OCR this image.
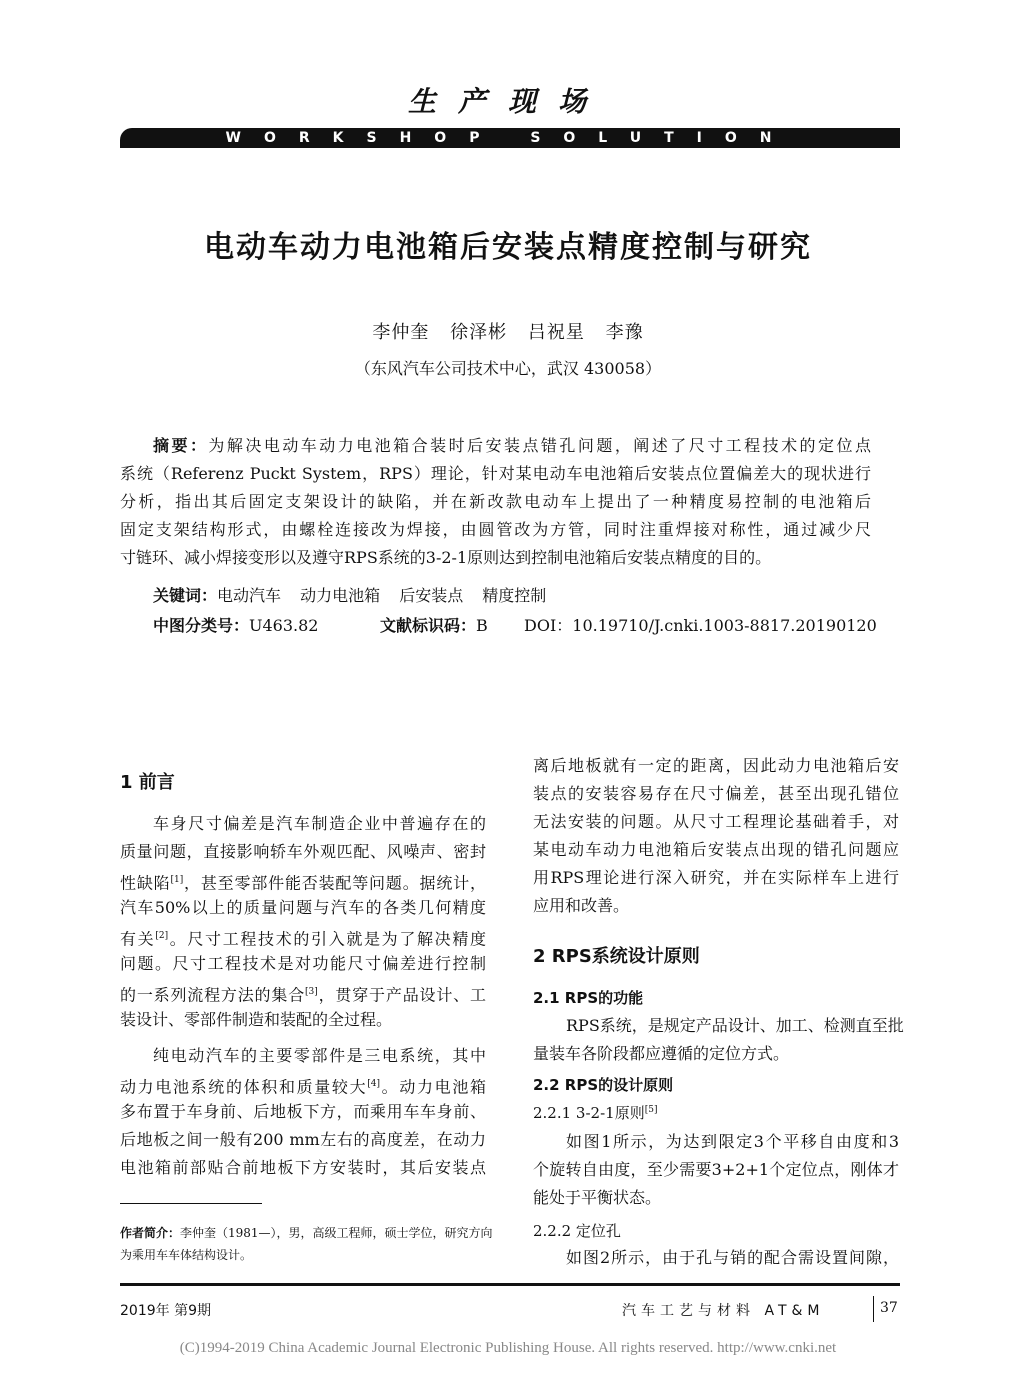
生产现场
WORKSHOP SOLUTION
电动车动力电池箱后安装点精度控制与研究
李仲奎 徐泽彬 吕祝星 李豫
（东风汽车公司技术中心，武汉 430058）
摘要：为解决电动车动力电池箱合装时后安装点错孔问题，阐述了尺寸工程技术的定位点
系统（Referenz Puckt System，RPS）理论，针对某电动车电池箱后安装点位置偏差大的现状进行
分析，指出其后固定支架设计的缺陷，并在新改款电动车上提出了一种精度易控制的电池箱后
固定支架结构形式，由螺栓连接改为焊接，由圆管改为方管，同时注重焊接对称性，通过减少尺
寸链环、减小焊接变形以及遵守RPS系统的3-2-1原则达到控制电池箱后安装点精度的目的。
关键词：电动汽车 动力电池箱 后安装点 精度控制
中图分类号：U463.82	文献标识码：B DOI：10.19710/J.cnki.1003-8817.20190120
1 前言
车身尺寸偏差是汽车制造企业中普遍存在的
质量问题，直接影响轿车外观匹配、风噪声、密封
性缺陷[1]，甚至零部件能否装配等问题。据统计，
汽车50%以上的质量问题与汽车的各类几何精度
有关[2]。尺寸工程技术的引入就是为了解决精度
问题。尺寸工程技术是对功能尺寸偏差进行控制
的一系列流程方法的集合[3]，贯穿于产品设计、工
装设计、零部件制造和装配的全过程。
纯电动汽车的主要零部件是三电系统，其中
动力电池系统的体积和质量较大[4]。动力电池箱
多布置于车身前、后地板下方，而乘用车车身前、
后地板之间一般有200 mm左右的高度差，在动力
电池箱前部贴合前地板下方安装时，其后安装点
作者简介：李仲奎（1981—），男，高级工程师，硕士学位，研究方向
为乘用车车体结构设计。
离后地板就有一定的距离，因此动力电池箱后安
装点的安装容易存在尺寸偏差，甚至出现孔错位
无法安装的问题。从尺寸工程理论基础着手，对
某电动车动力电池箱后安装点出现的错孔问题应
用RPS理论进行深入研究，并在实际样车上进行
应用和改善。
2 RPS系统设计原则
2.1 RPS的功能
RPS系统，是规定产品设计、加工、检测直至批
量装车各阶段都应遵循的定位方式。
2.2 RPS的设计原则
2.2.1 3-2-1原则[5]
如图1所示，为达到限定3个平移自由度和3
个旋转自由度，至少需要3+2+1个定位点，刚体才
能处于平衡状态。
2.2.2 定位孔
如图2所示，由于孔与销的配合需设置间隙，
2019年 第9期	汽车工艺与材料 AT&M	37
(C)1994-2019 China Academic Journal Electronic Publishing House. All rights reserved. http://www.cnki.net
